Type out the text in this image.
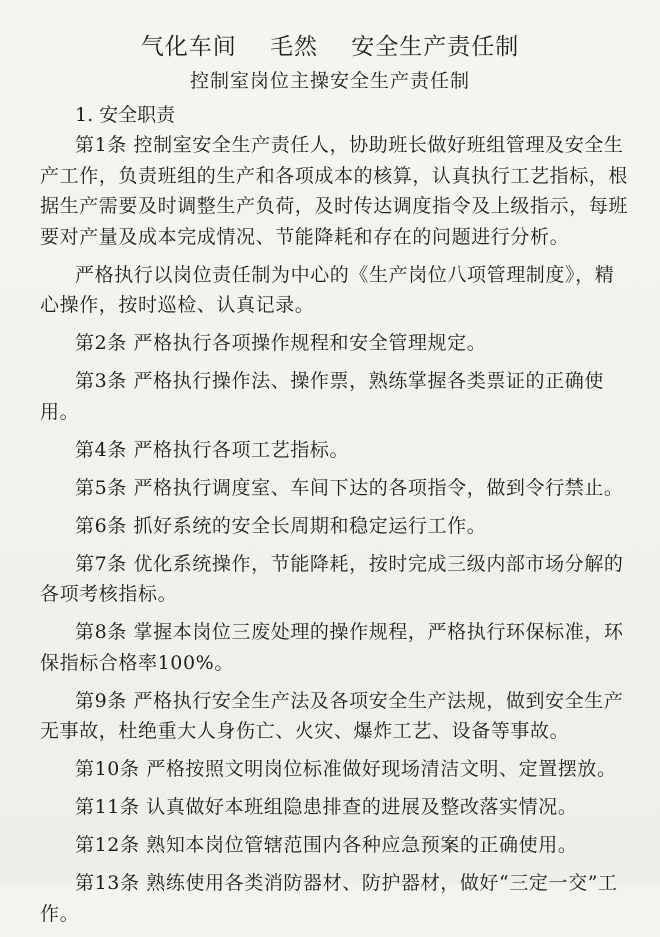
气化车间    毛然    安全生产责任制
控制室岗位主操安全生产责任制
1. 安全职责

第1条 控制室安全生产责任人，协助班长做好班组管理及安全生产工作，负责班组的生产和各项成本的核算，认真执行工艺指标，根据生产需要及时调整生产负荷，及时传达调度指令及上级指示，每班要对产量及成本完成情况、节能降耗和存在的问题进行分析。

严格执行以岗位责任制为中心的《生产岗位八项管理制度》，精心操作，按时巡检、认真记录。

第2条 严格执行各项操作规程和安全管理规定。

第3条 严格执行操作法、操作票，熟练掌握各类票证的正确使用。

第4条 严格执行各项工艺指标。

第5条 严格执行调度室、车间下达的各项指令，做到令行禁止。

第6条 抓好系统的安全长周期和稳定运行工作。

第7条 优化系统操作，节能降耗，按时完成三级内部市场分解的各项考核指标。

第8条 掌握本岗位三废处理的操作规程，严格执行环保标准，环保指标合格率100%。

第9条 严格执行安全生产法及各项安全生产法规，做到安全生产无事故，杜绝重大人身伤亡、火灾、爆炸工艺、设备等事故。

第10条 严格按照文明岗位标准做好现场清洁文明、定置摆放。

第11条 认真做好本班组隐患排查的进展及整改落实情况。

第12条 熟知本岗位管辖范围内各种应急预案的正确使用。

第13条 熟练使用各类消防器材、防护器材，做好“三定一交”工作。
